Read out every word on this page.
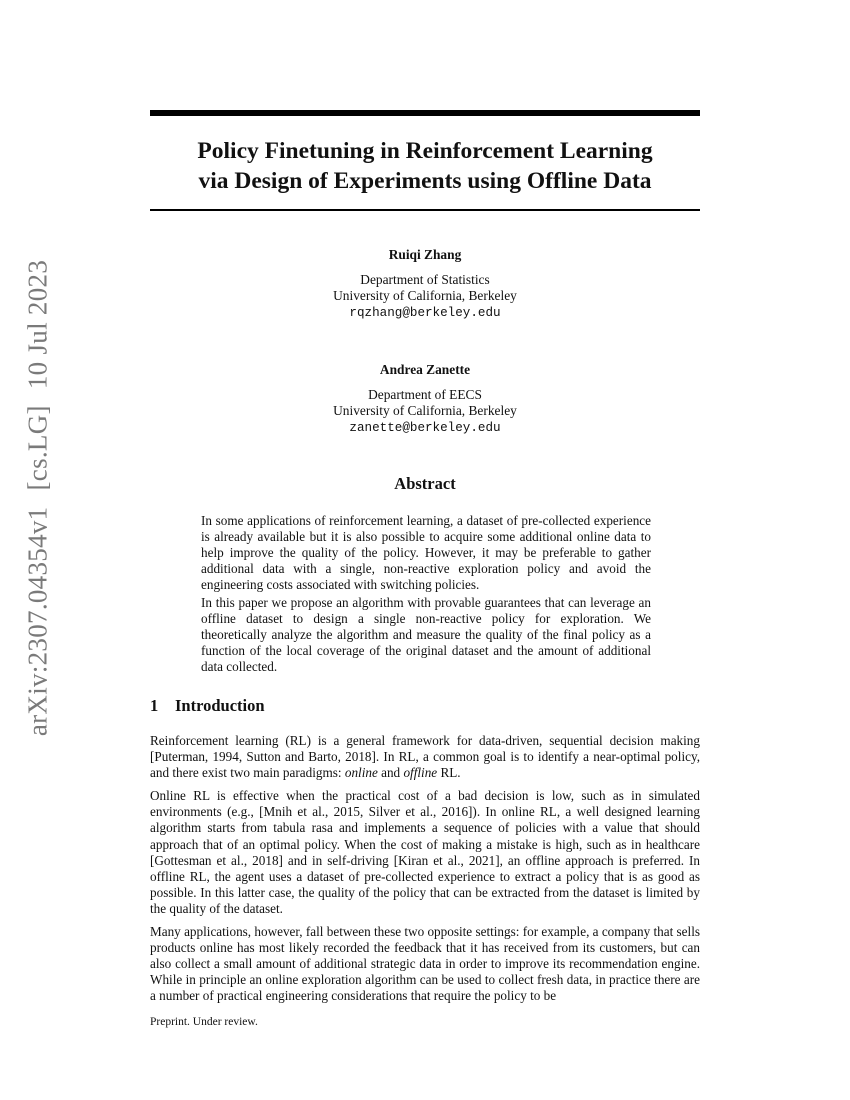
arXiv:2307.04354v1[cs.LG]10 Jul 2023
Policy Finetuning in Reinforcement Learning
via Design of Experiments using Offline Data
Ruiqi Zhang
Department of Statistics
University of California, Berkeley
rqzhang@berkeley.edu
Andrea Zanette
Department of EECS
University of California, Berkeley
zanette@berkeley.edu
Abstract

In some applications of reinforcement learning, a dataset of pre-collected experience is already available but it is also possible to acquire some additional online data to help improve the quality of the policy. However, it may be preferable to gather additional data with a single, non-reactive exploration policy and avoid the engineering costs associated with switching policies.

In this paper we propose an algorithm with provable guarantees that can leverage an offline dataset to design a single non-reactive policy for exploration. We theoretically analyze the algorithm and measure the quality of the final policy as a function of the local coverage of the original dataset and the amount of additional data collected.

1 Introduction

Reinforcement learning (RL) is a general framework for data-driven, sequential decision making [Puterman, 1994, Sutton and Barto, 2018]. In RL, a common goal is to identify a near-optimal policy, and there exist two main paradigms: online and offline RL.

Online RL is effective when the practical cost of a bad decision is low, such as in simulated environments (e.g., [Mnih et al., 2015, Silver et al., 2016]). In online RL, a well designed learning algorithm starts from tabula rasa and implements a sequence of policies with a value that should approach that of an optimal policy. When the cost of making a mistake is high, such as in healthcare [Gottesman et al., 2018] and in self-driving [Kiran et al., 2021], an offline approach is preferred. In offline RL, the agent uses a dataset of pre-collected experience to extract a policy that is as good as possible. In this latter case, the quality of the policy that can be extracted from the dataset is limited by the quality of the dataset.

Many applications, however, fall between these two opposite settings: for example, a company that sells products online has most likely recorded the feedback that it has received from its customers, but can also collect a small amount of additional strategic data in order to improve its recommendation engine. While in principle an online exploration algorithm can be used to collect fresh data, in practice there are a number of practical engineering considerations that require the policy to be

Preprint. Under review.
